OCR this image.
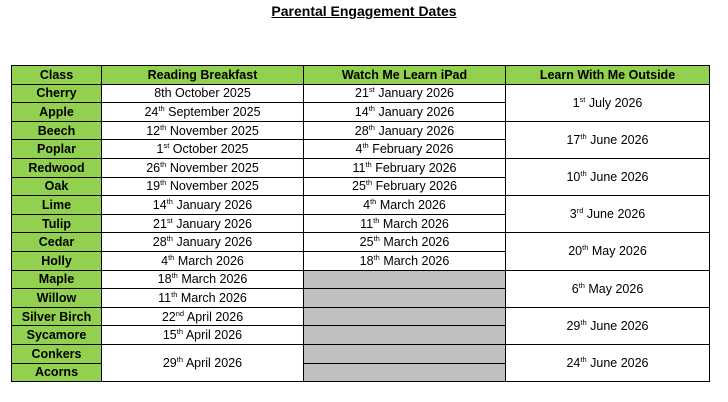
Parental Engagement Dates
Class	Reading Breakfast	Watch Me Learn iPad	Learn With Me Outside
Cherry	8th October 2025	21st January 2026	1st July 2026
Apple	24th September 2025	14th January 2026	
Beech	12th November 2025	28th January 2026	17th June 2026
Poplar	1st October 2025	4th February 2026	
Redwood	26th November 2025	11th February 2026	10th June 2026
Oak	19th November 2025	25th February 2026	
Lime	14th January 2026	4th March 2026	3rd June 2026
Tulip	21st January 2026	11th March 2026	
Cedar	28th January 2026	25th March 2026	20th May 2026
Holly	4th March 2026	18th March 2026	
Maple	18th March 2026		6th May 2026
Willow	11th March 2026		
Silver Birch	22nd April 2026		29th June 2026
Sycamore	15th April 2026		
Conkers	29th April 2026		24th June 2026
Acorns			
